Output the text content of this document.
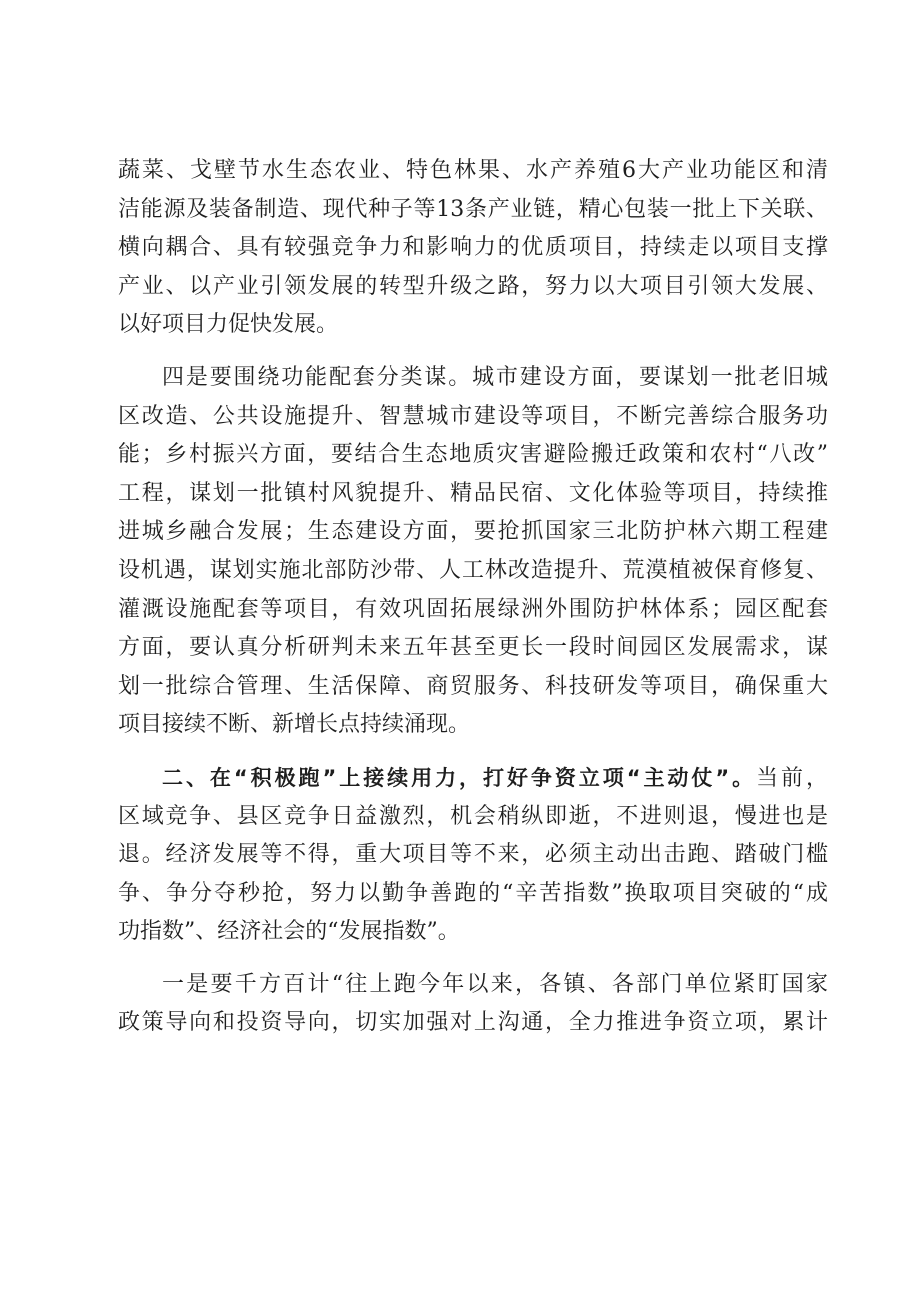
蔬菜、戈壁节水生态农业、特色林果、水产养殖6大产业功能区和清
洁能源及装备制造、现代种子等13条产业链，精心包装一批上下关联、
横向耦合、具有较强竞争力和影响力的优质项目，持续走以项目支撑
产业、以产业引领发展的转型升级之路，努力以大项目引领大发展、
以好项目力促快发展。
四是要围绕功能配套分类谋。城市建设方面，要谋划一批老旧城
区改造、公共设施提升、智慧城市建设等项目，不断完善综合服务功
能；乡村振兴方面，要结合生态地质灾害避险搬迁政策和农村“八改”
工程，谋划一批镇村风貌提升、精品民宿、文化体验等项目，持续推
进城乡融合发展；生态建设方面，要抢抓国家三北防护林六期工程建
设机遇，谋划实施北部防沙带、人工林改造提升、荒漠植被保育修复、
灌溉设施配套等项目，有效巩固拓展绿洲外围防护林体系；园区配套
方面，要认真分析研判未来五年甚至更长一段时间园区发展需求，谋
划一批综合管理、生活保障、商贸服务、科技研发等项目，确保重大
项目接续不断、新增长点持续涌现。
二、在“积极跑”上接续用力，打好争资立项“主动仗”。当前，
区域竞争、县区竞争日益激烈，机会稍纵即逝，不进则退，慢进也是
退。经济发展等不得，重大项目等不来，必须主动出击跑、踏破门槛
争、争分夺秒抢，努力以勤争善跑的“辛苦指数”换取项目突破的“成
功指数”、经济社会的“发展指数”。
一是要千方百计“往上跑今年以来，各镇、各部门单位紧盯国家
政策导向和投资导向，切实加强对上沟通，全力推进争资立项，累计
